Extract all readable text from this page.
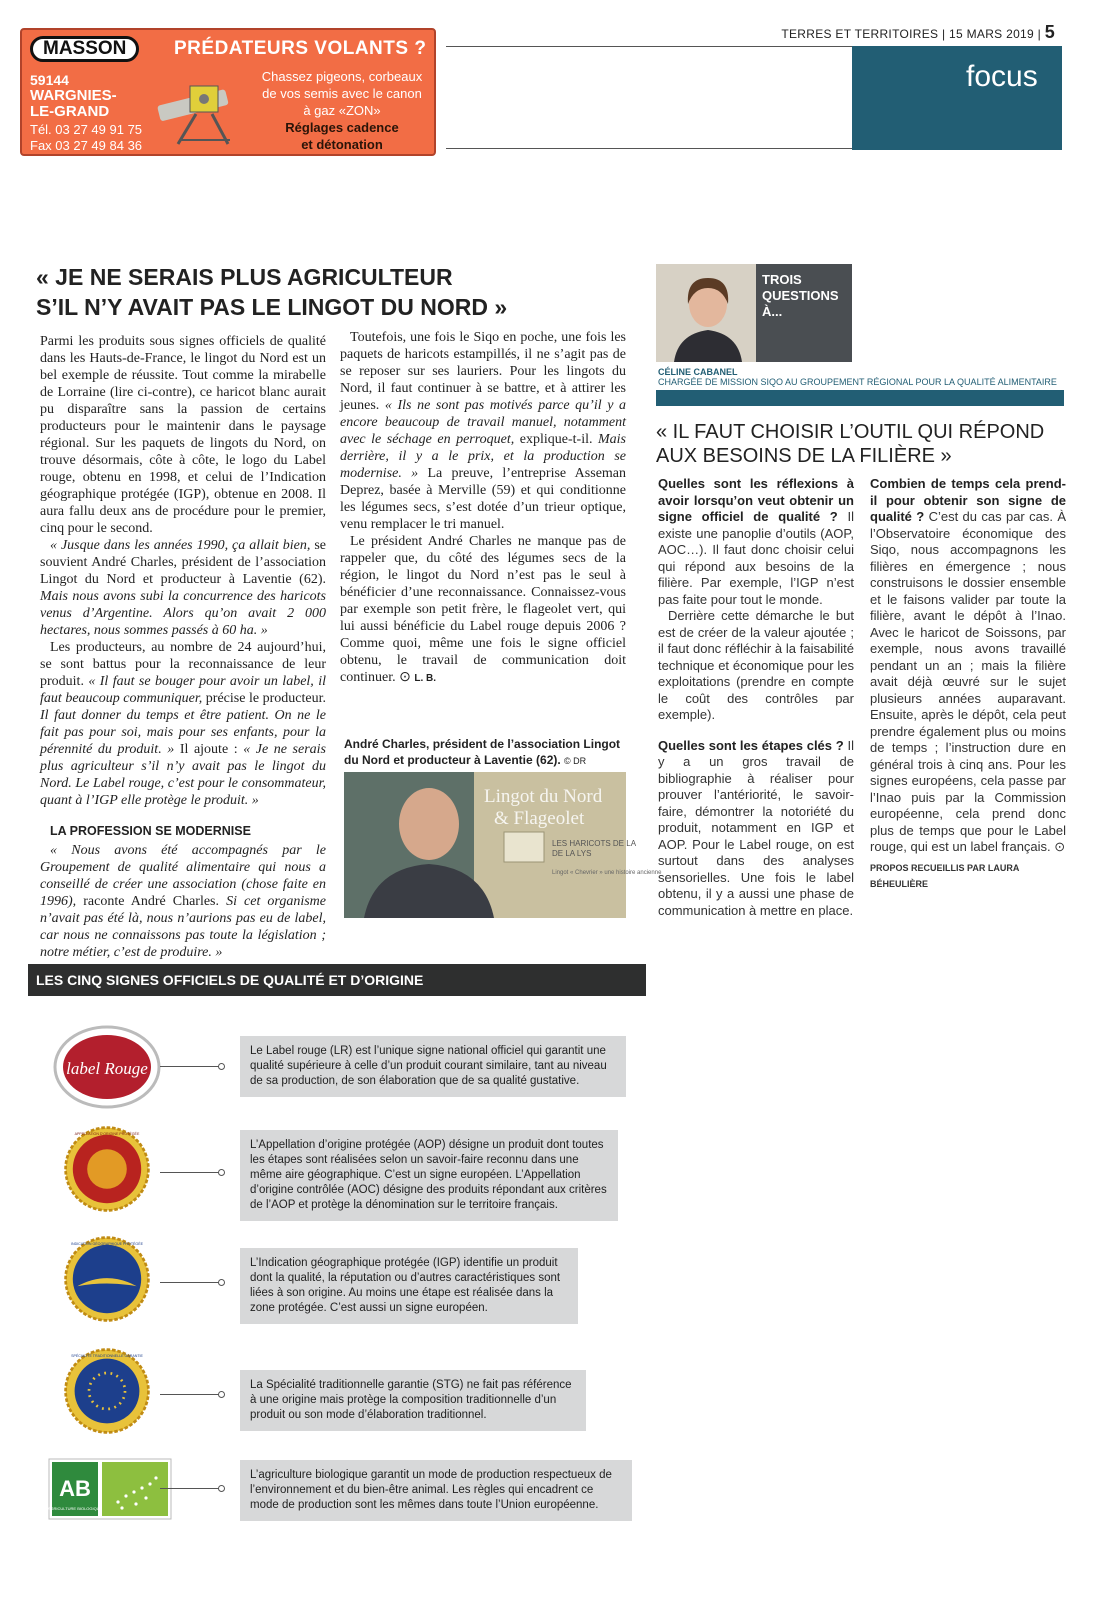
MASSON	PRÉDATEURS VOLANTS ?
59144
WARGNIES-
LE-GRAND
Tél. 03 27 49 91 75
Fax 03 27 49 84 36
Chassez pigeons, corbeaux
de vos semis avec le canon
à gaz «ZON»
Réglages cadence
et détonation
TERRES ET TERRITOIRES | 15 MARS 2019 | 5
focus
« JE NE SERAIS PLUS AGRICULTEUR
S’IL N’Y AVAIT PAS LE LINGOT DU NORD »

Parmi les produits sous signes officiels de qualité dans les Hauts-de-France, le lingot du Nord est un bel exemple de réussite. Tout comme la mirabelle de Lorraine (lire ci-contre), ce haricot blanc aurait pu disparaître sans la passion de certains producteurs pour le maintenir dans le paysage régional. Sur les paquets de lingots du Nord, on trouve désormais, côte à côte, le logo du Label rouge, obtenu en 1998, et celui de l’Indication géographique protégée (IGP), obtenue en 2008. Il aura fallu deux ans de procédure pour le premier, cinq pour le second.

« Jusque dans les années 1990, ça allait bien, se souvient André Charles, président de l’association Lingot du Nord et producteur à Laventie (62). Mais nous avons subi la concurrence des haricots venus d’Argentine. Alors qu’on avait 2 000 hectares, nous sommes passés à 60 ha. »

Les producteurs, au nombre de 24 aujourd’hui, se sont battus pour la reconnaissance de leur produit. « Il faut se bouger pour avoir un label, il faut beaucoup communiquer, précise le producteur. Il faut donner du temps et être patient. On ne le fait pas pour soi, mais pour ses enfants, pour la pérennité du produit. » Il ajoute : « Je ne serais plus agriculteur s’il n’y avait pas le lingot du Nord. Le Label rouge, c’est pour le consommateur, quant à l’IGP elle protège le produit. »

LA PROFESSION SE MODERNISE

« Nous avons été accompagnés par le Groupement de qualité alimentaire qui nous a conseillé de créer une association (chose faite en 1996), raconte André Charles. Si cet organisme n’avait pas été là, nous n’aurions pas eu de label, car nous ne connaissons pas toute la législation ; notre métier, c’est de produire. »

Toutefois, une fois le Siqo en poche, une fois les paquets de haricots estampillés, il ne s’agit pas de se reposer sur ses lauriers. Pour les lingots du Nord, il faut continuer à se battre, et à attirer les jeunes. « Ils ne sont pas motivés parce qu’il y a encore beaucoup de travail manuel, notamment avec le séchage en perroquet, explique-t-il. Mais derrière, il y a le prix, et la production se modernise. » La preuve, l’entreprise Asseman Deprez, basée à Merville (59) et qui conditionne les légumes secs, s’est dotée d’un trieur optique, venu remplacer le tri manuel.

Le président André Charles ne manque pas de rappeler que, du côté des légumes secs de la région, le lingot du Nord n’est pas le seul à bénéficier d’une reconnaissance. Connaissez-vous par exemple son petit frère, le flageolet vert, qui lui aussi bénéficie du Label rouge depuis 2006 ? Comme quoi, même une fois le signe officiel obtenu, le travail de communication doit continuer. ⊙ L. B.

André Charles, président de l’association Lingot du Nord et producteur à Laventie (62). © DR
Lingot du Nord
& Flageolet
LES HARICOTS DE LA
DE LA LYS
Lingot « Chevrier » une histoire ancienne
TROIS
QUESTIONS
À...
CÉLINE CABANEL
CHARGÉE DE MISSION SIQO AU GROUPEMENT RÉGIONAL POUR LA QUALITÉ ALIMENTAIRE
« IL FAUT CHOISIR L’OUTIL QUI RÉPOND
AUX BESOINS DE LA FILIÈRE »

Quelles sont les réflexions à avoir lorsqu’on veut obtenir un signe officiel de qualité ? Il existe une panoplie d’outils (AOP, AOC…). Il faut donc choisir celui qui répond aux besoins de la filière. Par exemple, l’IGP n’est pas faite pour tout le monde.

Derrière cette démarche le but est de créer de la valeur ajoutée ; il faut donc réfléchir à la faisabilité technique et économique pour les exploitations (prendre en compte le coût des contrôles par exemple).

Quelles sont les étapes clés ? Il y a un gros travail de bibliographie à réaliser pour prouver l’antériorité, le savoir-faire, démontrer la notoriété du produit, notamment en IGP et AOP. Pour le Label rouge, on est surtout dans des analyses sensorielles. Une fois le label obtenu, il y a aussi une phase de communication à mettre en place.

Combien de temps cela prend-il pour obtenir son signe de qualité ? C’est du cas par cas. À l’Observatoire économique des Siqo, nous accompagnons les filières en émergence ; nous construisons le dossier ensemble et le faisons valider par toute la filière, avant le dépôt à l’Inao. Avec le haricot de Soissons, par exemple, nous avons travaillé pendant un an ; mais la filière avait déjà œuvré sur le sujet plusieurs années auparavant. Ensuite, après le dépôt, cela peut prendre également plus ou moins de temps ; l’instruction dure en général trois à cinq ans. Pour les signes européens, cela passe par l’Inao puis par la Commission européenne, cela prend donc plus de temps que pour le Label rouge, qui est un label français. ⊙

PROPOS RECUEILLIS PAR LAURA BÉHEULIÈRE
LES CINQ SIGNES OFFICIELS DE QUALITÉ ET D’ORIGINE
label Rouge
Le Label rouge (LR) est l’unique signe national officiel qui garantit une qualité supérieure à celle d’un produit courant similaire, tant au niveau de sa production, de son élaboration que de sa qualité gustative.
APPELLATION D'ORIGINE PROTÉGÉE
L’Appellation d’origine protégée (AOP) désigne un produit dont toutes les étapes sont réalisées selon un savoir-faire reconnu dans une même aire géographique. C’est un signe européen. L’Appellation d’origine contrôlée (AOC) désigne des produits répondant aux critères de l’AOP et protège la dénomination sur le territoire français.
INDICATION GÉOGRAPHIQUE PROTÉGÉE
L’Indication géographique protégée (IGP) identifie un produit dont la qualité, la réputation ou d’autres caractéristiques sont liées à son origine. Au moins une étape est réalisée dans la zone protégée. C’est aussi un signe européen.
SPÉCIALITÉ TRADITIONNELLE GARANTIE
La Spécialité traditionnelle garantie (STG) ne fait pas référence à une origine mais protège la composition traditionnelle d’un produit ou son mode d’élaboration traditionnel.
AB
AGRICULTURE BIOLOGIQUE
L’agriculture biologique garantit un mode de production respectueux de l’environnement et du bien-être animal. Les règles qui encadrent ce mode de production sont les mêmes dans toute l’Union européenne.
